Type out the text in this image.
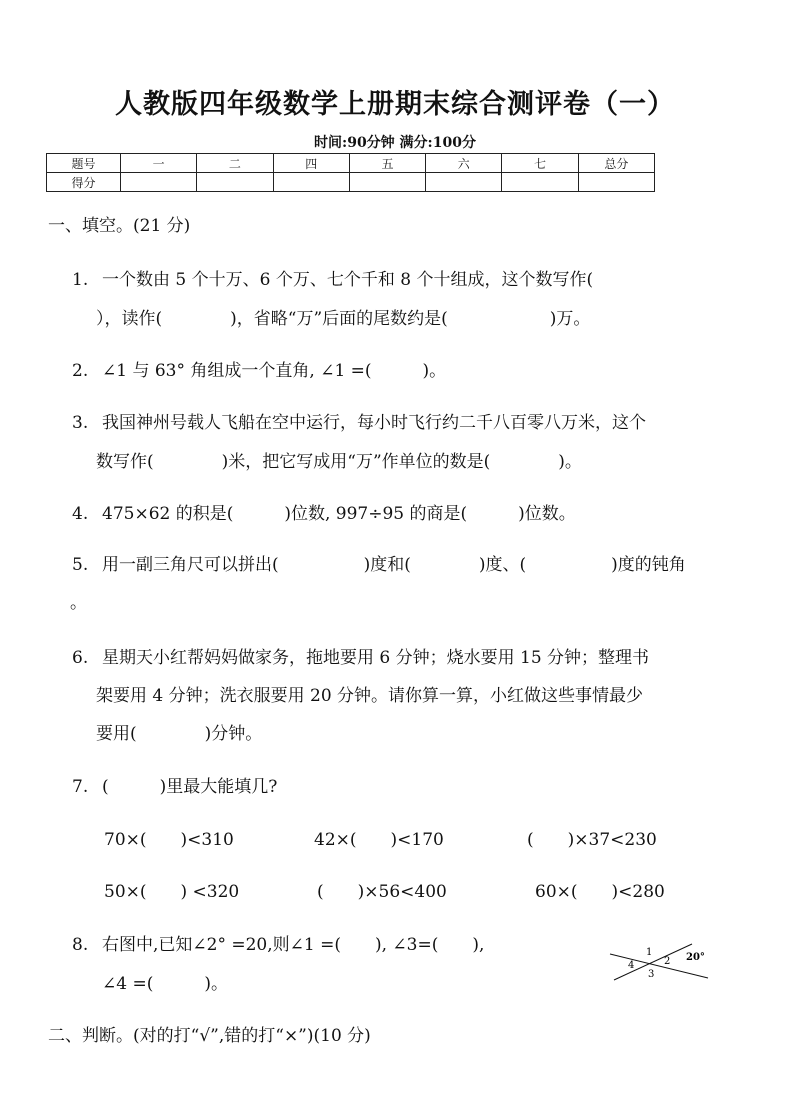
人教版四年级数学上册期末综合测评卷（一）
时间:90分钟 满分:100分
题号	一	二	四	五	六	七	总分
得分							
一、填空。(21 分)
1. 一个数由 5 个十万、6 个万、七个千和 8 个十组成，这个数写作(
），读作(　　　　)，省略“万”后面的尾数约是(　　　　　　)万。
2. ∠1 与 63° 角组成一个直角, ∠1 =(　　　)。
3. 我国神州号载人飞船在空中运行，每小时飞行约二千八百零八万米，这个
数写作(　　　　)米，把它写成用“万”作单位的数是(　　　　)。
4. 475×62 的积是(　　　)位数, 997÷95 的商是(　　　)位数。
5. 用一副三角尺可以拼出(　　　　　)度和(　　　　)度、(　　　　　)度的钝角
。
6. 星期天小红帮妈妈做家务，拖地要用 6 分钟；烧水要用 15 分钟；整理书
架要用 4 分钟；洗衣服要用 20 分钟。请你算一算，小红做这些事情最少
要用(　　　　)分钟。
7. (　　　)里最大能填几?
70×(　　)<310	42×(　　)<170	(　　)×37<230
50×(　　) <320	(　　)×56<400	60×(　　)<280
8. 右图中,已知∠2° =20,则∠1 =(　　), ∠3=(　　),
∠4 =(　　　)。
1
2
3
4
20°
二、判断。(对的打“√”,错的打“×”)(10 分)
